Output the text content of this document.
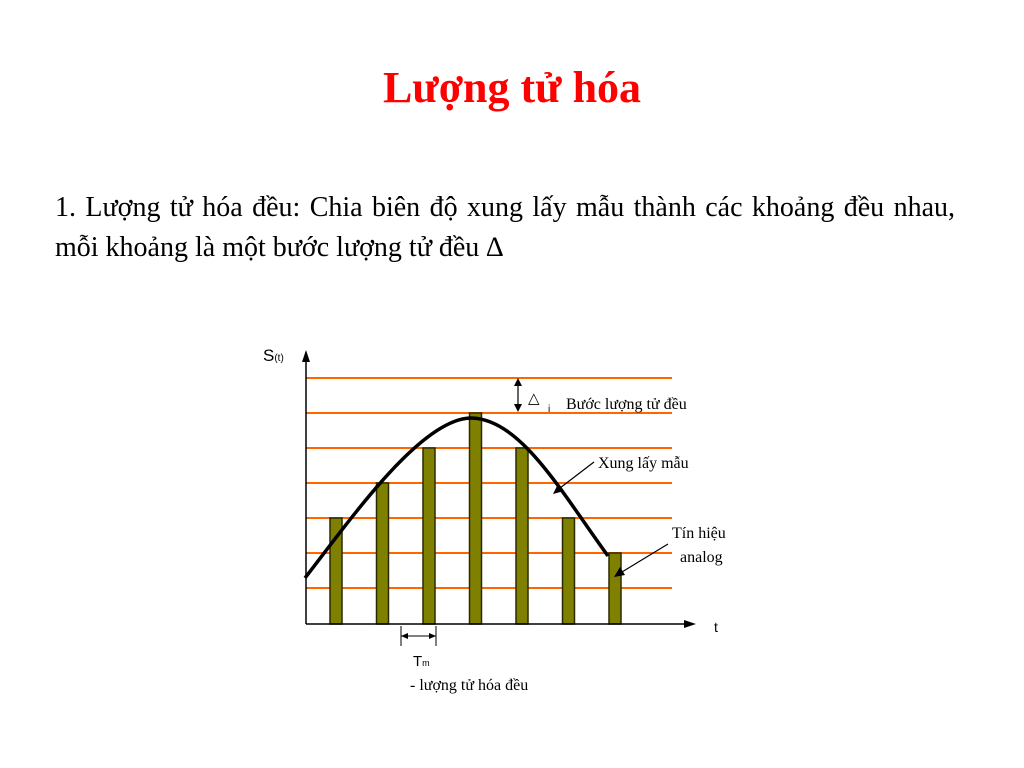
Lượng tử hóa
1. Lượng tử hóa đều: Chia biên độ xung lấy mẫu thành các khoảng đều nhau, mỗi khoảng là một bước lượng tử đều ∆
S(t)
t
△
i Bước lượng tử đều
Xung lấy mẫu
Tín hiệu
analog
Tm
- lượng tử hóa đều
